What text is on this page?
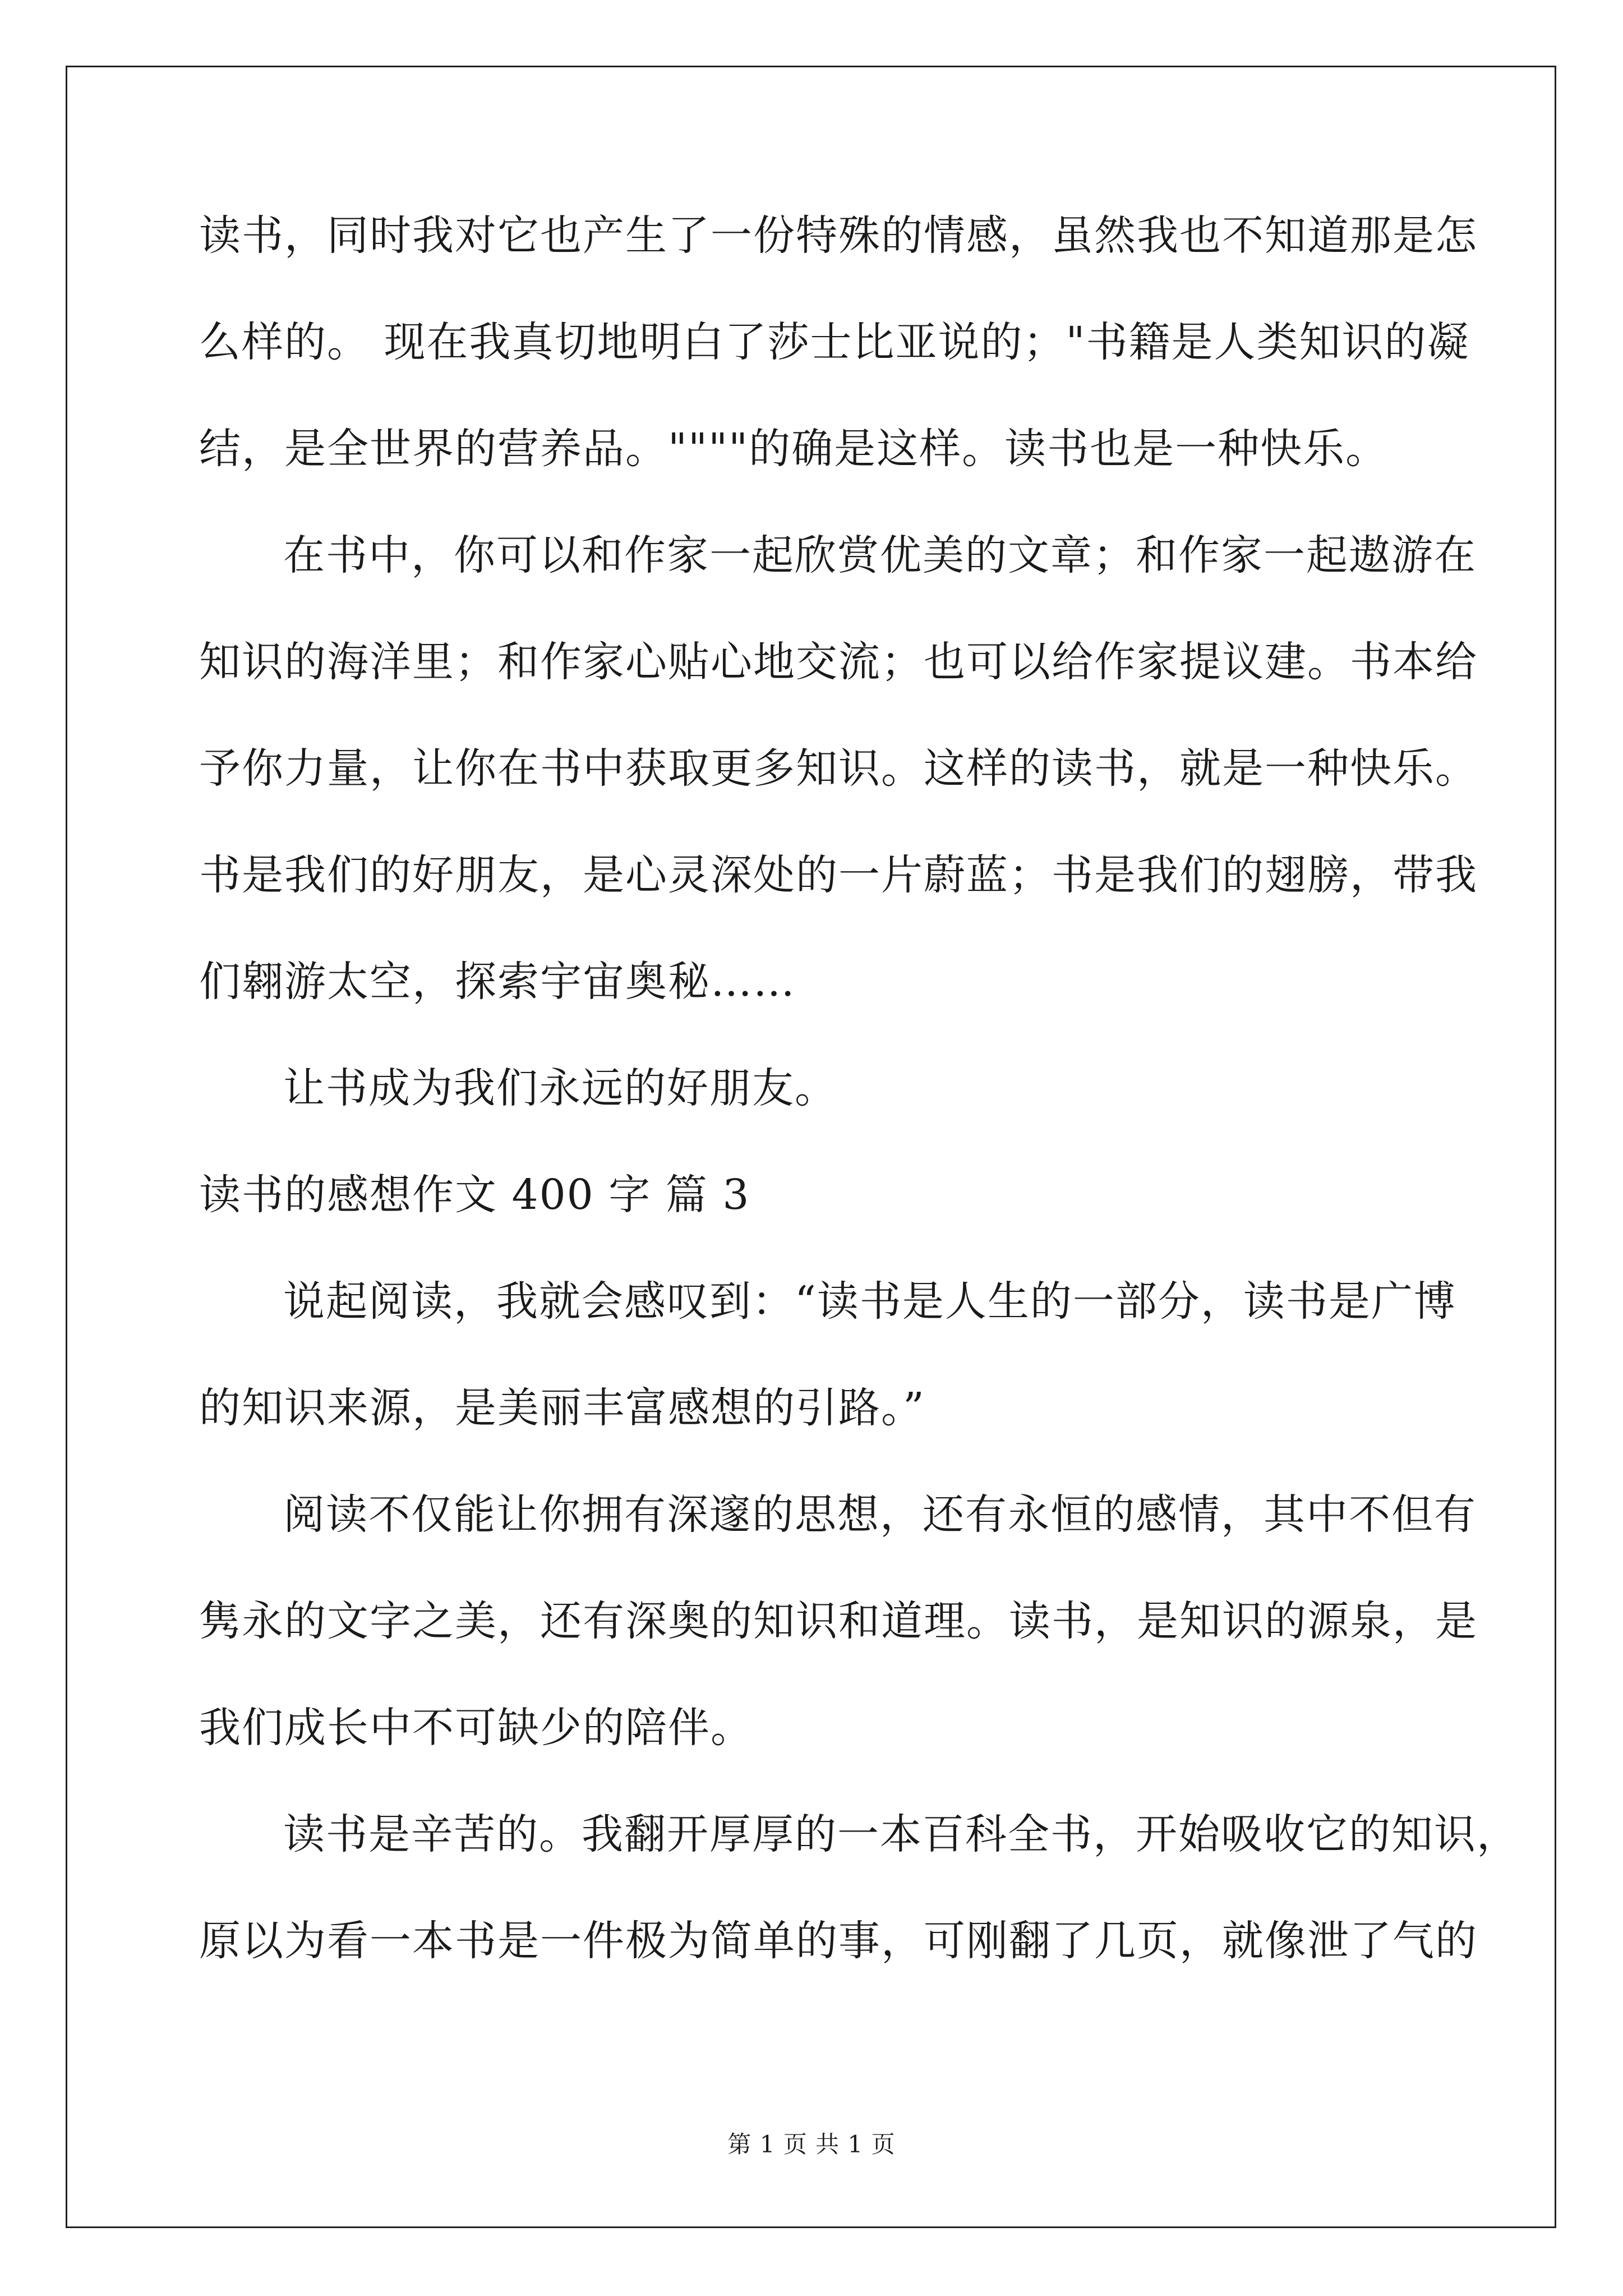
读书，同时我对它也产生了一份特殊的情感，虽然我也不知道那是怎
么样的。 现在我真切地明白了莎士比亚说的；"书籍是人类知识的凝
结，是全世界的营养品。""""的确是这样。读书也是一种快乐。
在书中，你可以和作家一起欣赏优美的文章；和作家一起遨游在
知识的海洋里；和作家心贴心地交流；也可以给作家提议建。书本给
予你力量，让你在书中获取更多知识。这样的读书，就是一种快乐。
书是我们的好朋友，是心灵深处的一片蔚蓝；书是我们的翅膀，带我
们翱游太空，探索宇宙奥秘……
让书成为我们永远的好朋友。
读书的感想作文 400 字 篇 3
说起阅读，我就会感叹到：“读书是人生的一部分，读书是广博
的知识来源，是美丽丰富感想的引路。”
阅读不仅能让你拥有深邃的思想，还有永恒的感情，其中不但有
隽永的文字之美，还有深奥的知识和道理。读书，是知识的源泉，是
我们成长中不可缺少的陪伴。
读书是辛苦的。我翻开厚厚的一本百科全书，开始吸收它的知识，
原以为看一本书是一件极为简单的事，可刚翻了几页，就像泄了气的
第 1 页 共 1 页
